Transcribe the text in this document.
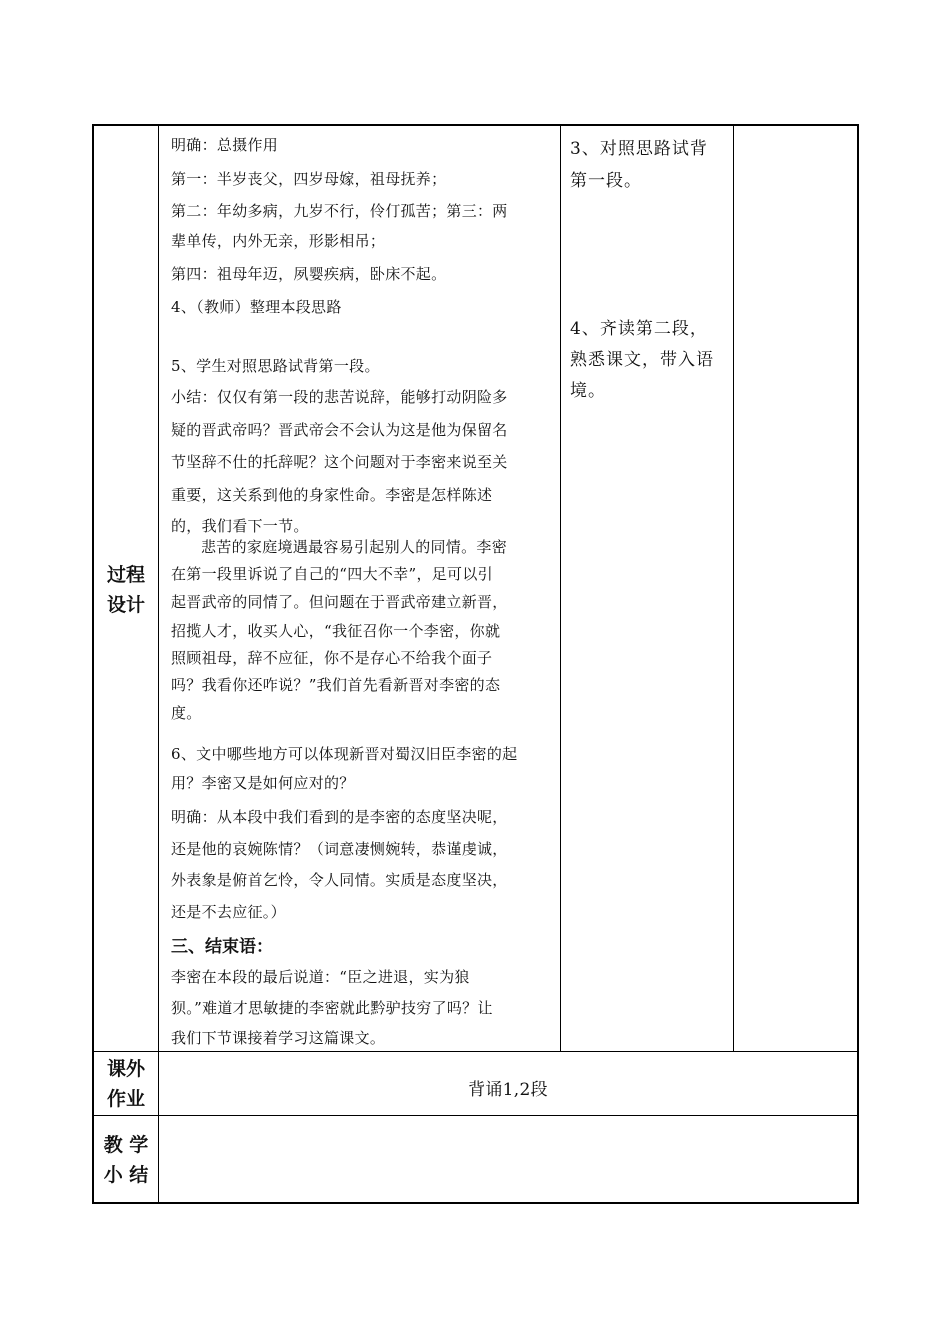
过程
设计
明确：总摄作用
第一：半岁丧父，四岁母嫁，祖母抚养；
第二：年幼多病，九岁不行，伶仃孤苦；第三：两
辈单传，内外无亲，形影相吊；
第四：祖母年迈，夙婴疾病，卧床不起。
4、（教师）整理本段思路
5、学生对照思路试背第一段。
小结：仅仅有第一段的悲苦说辞，能够打动阴险多
疑的晋武帝吗？晋武帝会不会认为这是他为保留名
节坚辞不仕的托辞呢？这个问题对于李密来说至关
重要，这关系到他的身家性命。李密是怎样陈述
的，我们看下一节。
悲苦的家庭境遇最容易引起别人的同情。李密
在第一段里诉说了自己的“四大不幸”，足可以引
起晋武帝的同情了。但问题在于晋武帝建立新晋，
招揽人才，收买人心，“我征召你一个李密，你就
照顾祖母，辞不应征，你不是存心不给我个面子
吗？我看你还咋说？”我们首先看新晋对李密的态
度。
6、文中哪些地方可以体现新晋对蜀汉旧臣李密的起
用？李密又是如何应对的？
明确：从本段中我们看到的是李密的态度坚决呢，
还是他的哀婉陈情？（词意凄恻婉转，恭谨虔诚，
外表象是俯首乞怜，令人同情。实质是态度坚决，
还是不去应征。）
三、结束语：
李密在本段的最后说道：“臣之进退，实为狼
狈。”难道才思敏捷的李密就此黔驴技穷了吗？让
我们下节课接着学习这篇课文。
3、对照思路试背
第一段。
4、齐读第二段，
熟悉课文，带入语
境。
课外
作业	背诵1,2段
教 学
小 结
